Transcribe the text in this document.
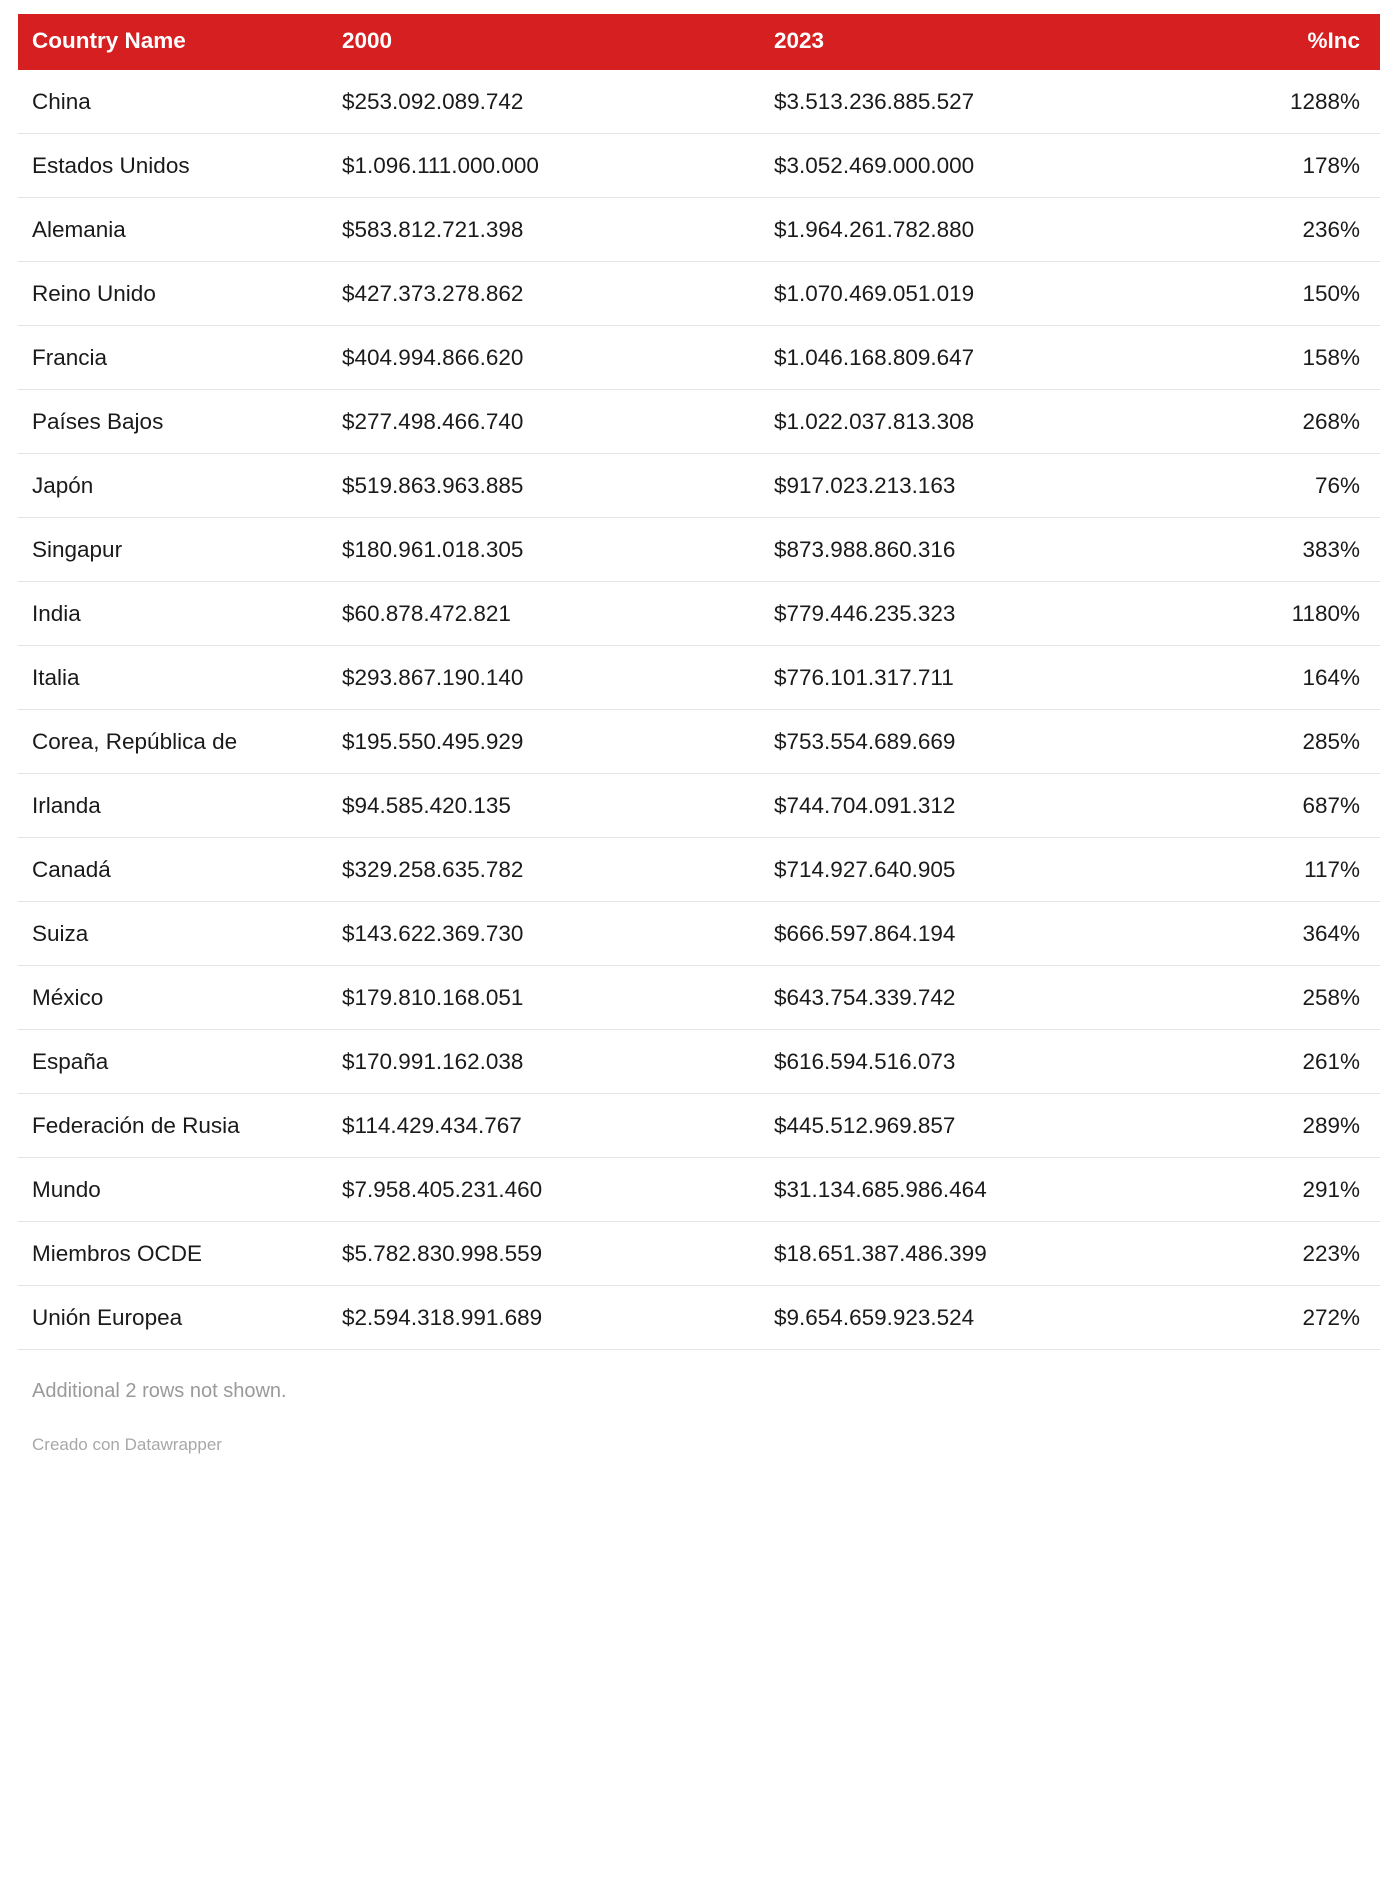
Country Name	2000	2023	%Inc
China	$253.092.089.742	$3.513.236.885.527	1288%
Estados Unidos	$1.096.111.000.000	$3.052.469.000.000	178%
Alemania	$583.812.721.398	$1.964.261.782.880	236%
Reino Unido	$427.373.278.862	$1.070.469.051.019	150%
Francia	$404.994.866.620	$1.046.168.809.647	158%
Países Bajos	$277.498.466.740	$1.022.037.813.308	268%
Japón	$519.863.963.885	$917.023.213.163	76%
Singapur	$180.961.018.305	$873.988.860.316	383%
India	$60.878.472.821	$779.446.235.323	1180%
Italia	$293.867.190.140	$776.101.317.711	164%
Corea, República de	$195.550.495.929	$753.554.689.669	285%
Irlanda	$94.585.420.135	$744.704.091.312	687%
Canadá	$329.258.635.782	$714.927.640.905	117%
Suiza	$143.622.369.730	$666.597.864.194	364%
México	$179.810.168.051	$643.754.339.742	258%
España	$170.991.162.038	$616.594.516.073	261%
Federación de Rusia	$114.429.434.767	$445.512.969.857	289%
Mundo	$7.958.405.231.460	$31.134.685.986.464	291%
Miembros OCDE	$5.782.830.998.559	$18.651.387.486.399	223%
Unión Europea	$2.594.318.991.689	$9.654.659.923.524	272%
Additional 2 rows not shown.
Creado con Datawrapper
